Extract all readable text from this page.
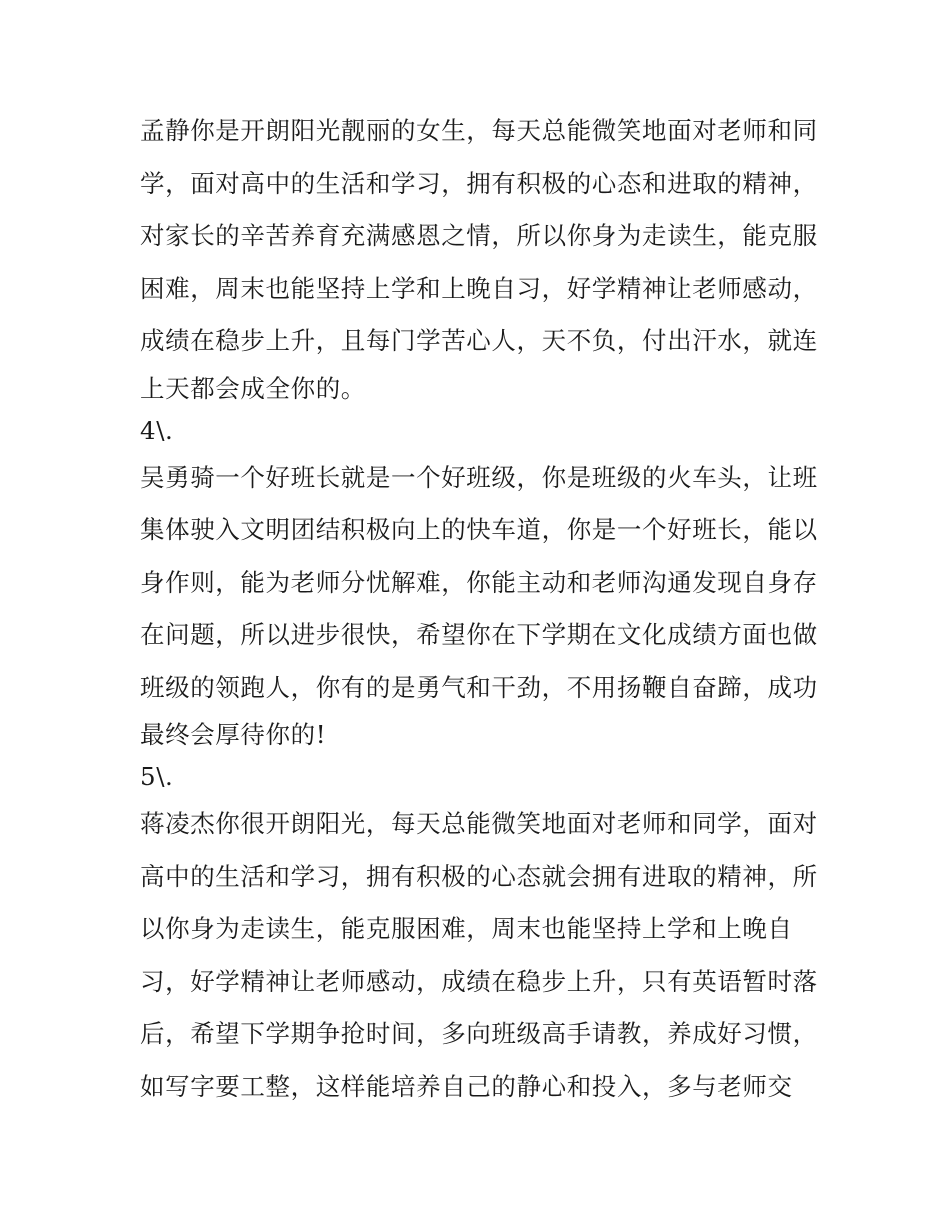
孟静你是开朗阳光靓丽的女生，每天总能微笑地面对老师和同
学，面对高中的生活和学习，拥有积极的心态和进取的精神，
对家长的辛苦养育充满感恩之情，所以你身为走读生，能克服
困难，周末也能坚持上学和上晚自习，好学精神让老师感动，
成绩在稳步上升，且每门学苦心人，天不负，付出汗水，就连
上天都会成全你的。
4\.
吴勇骑一个好班长就是一个好班级，你是班级的火车头，让班
集体驶入文明团结积极向上的快车道，你是一个好班长，能以
身作则，能为老师分忧解难，你能主动和老师沟通发现自身存
在问题，所以进步很快，希望你在下学期在文化成绩方面也做
班级的领跑人，你有的是勇气和干劲，不用扬鞭自奋蹄，成功
最终会厚待你的!
5\.
蒋凌杰你很开朗阳光，每天总能微笑地面对老师和同学，面对
高中的生活和学习，拥有积极的心态就会拥有进取的精神，所
以你身为走读生，能克服困难，周末也能坚持上学和上晚自
习，好学精神让老师感动，成绩在稳步上升，只有英语暂时落
后，希望下学期争抢时间，多向班级高手请教，养成好习惯，
如写字要工整，这样能培养自己的静心和投入，多与老师交
